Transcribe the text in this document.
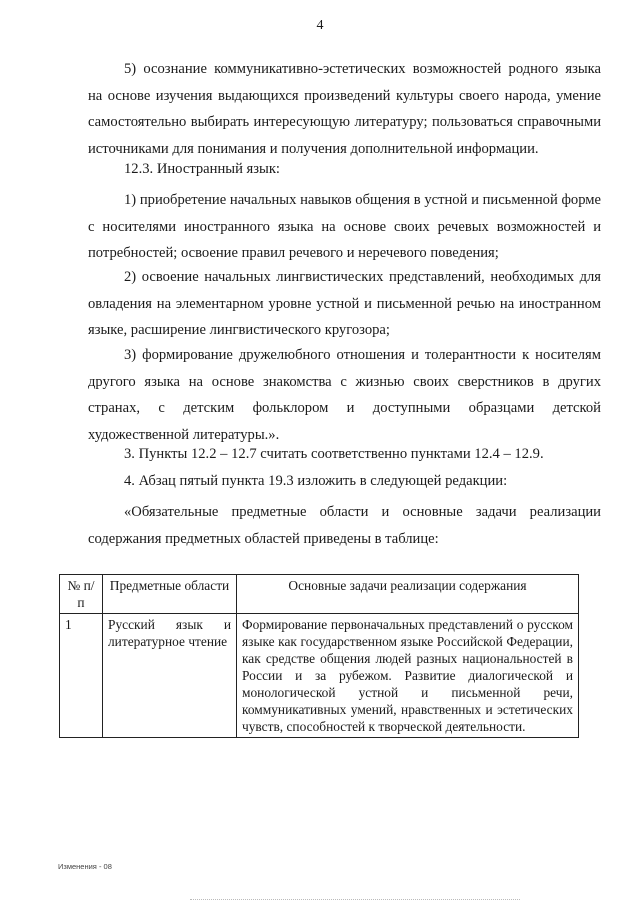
4

5) осознание коммуникативно-эстетических возможностей родного языка на основе изучения выдающихся произведений культуры своего народа, умение самостоятельно выбирать интересующую литературу; пользоваться справочными источниками для понимания и получения дополнительной информации.

12.3. Иностранный язык:

1) приобретение начальных навыков общения в устной и письменной форме с носителями иностранного языка на основе своих речевых возможностей и потребностей; освоение правил речевого и неречевого поведения;

2) освоение начальных лингвистических представлений, необходимых для овладения на элементарном уровне устной и письменной речью на иностранном языке, расширение лингвистического кругозора;

3) формирование дружелюбного отношения и толерантности к носителям другого языка на основе знакомства с жизнью своих сверстников в других странах, с детским фольклором и доступными образцами детской художественной литературы.».

3. Пункты 12.2 – 12.7 считать соответственно пунктами 12.4 – 12.9.

4. Абзац пятый пункта 19.3 изложить в следующей редакции:

«Обязательные предметные области и основные задачи реализации содержания предметных областей приведены в таблице:

№ п/п	Предметные области	Основные задачи реализации содержания
1	Русский язык и литературное чтение	Формирование первоначальных представлений о русском языке как государственном языке Российской Федерации, как средстве общения людей разных национальностей в России и за рубежом. Развитие диалогической и монологической устной и письменной речи, коммуникативных умений, нравственных и эстетических чувств, способностей к творческой деятельности.
Изменения - 08
